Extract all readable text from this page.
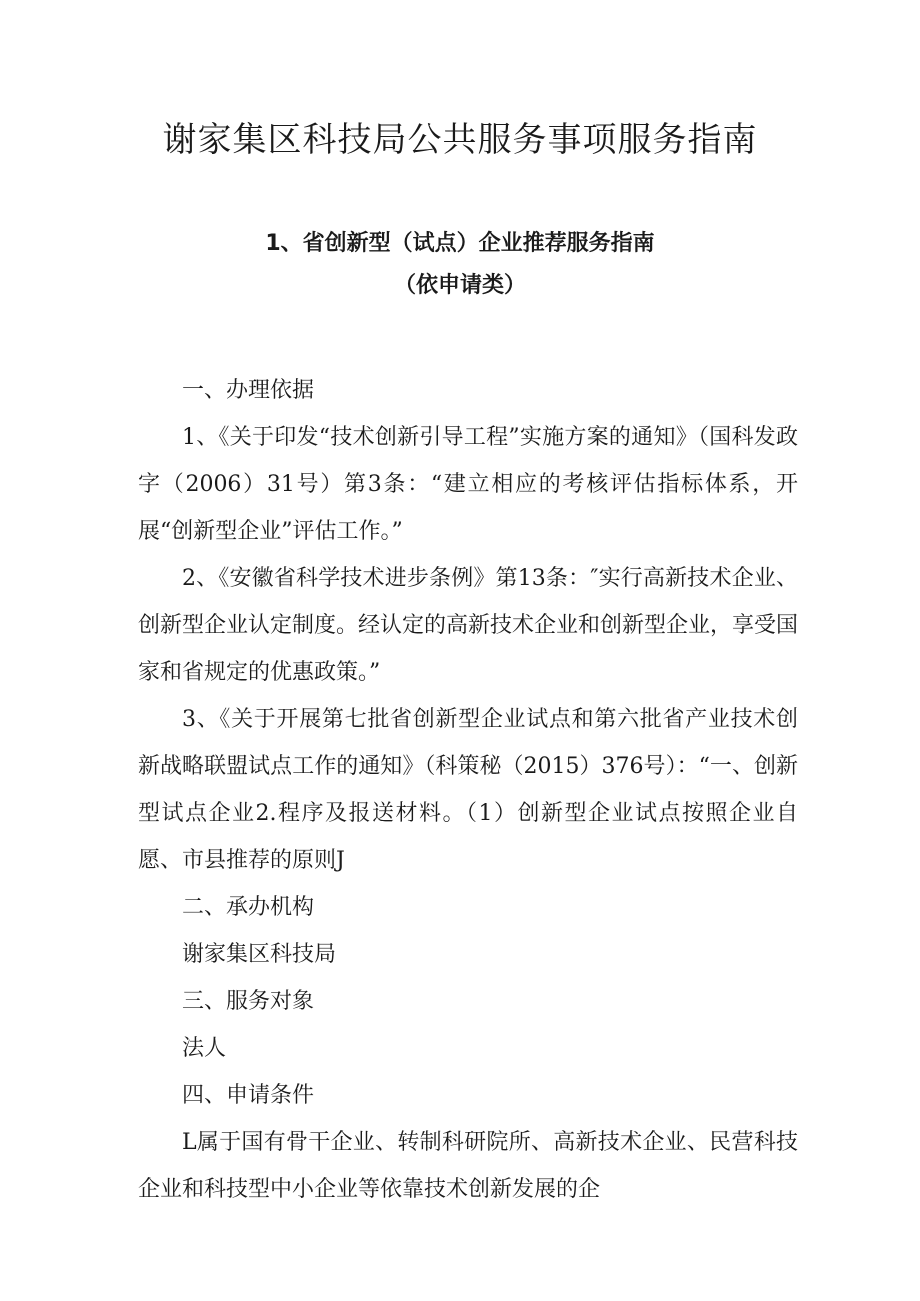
谢家集区科技局公共服务事项服务指南
1、省创新型（试点）企业推荐服务指南
（依申请类）

一、办理依据

1、《关于印发“技术创新引导工程”实施方案的通知》（国科发政字（2006）31号）第3条：“建立相应的考核评估指标体系，开展“创新型企业”评估工作。”

2、《安徽省科学技术进步条例》第13条：″实行高新技术企业、创新型企业认定制度。经认定的高新技术企业和创新型企业，享受国家和省规定的优惠政策。”

3、《关于开展第七批省创新型企业试点和第六批省产业技术创新战略联盟试点工作的通知》（科策秘（2015）376号）：“一、创新型试点企业2.程序及报送材料。（1）创新型企业试点按照企业自愿、市县推荐的原则J

二、承办机构

谢家集区科技局

三、服务对象

法人

四、申请条件

L属于国有骨干企业、转制科研院所、高新技术企业、民营科技企业和科技型中小企业等依靠技术创新发展的企
